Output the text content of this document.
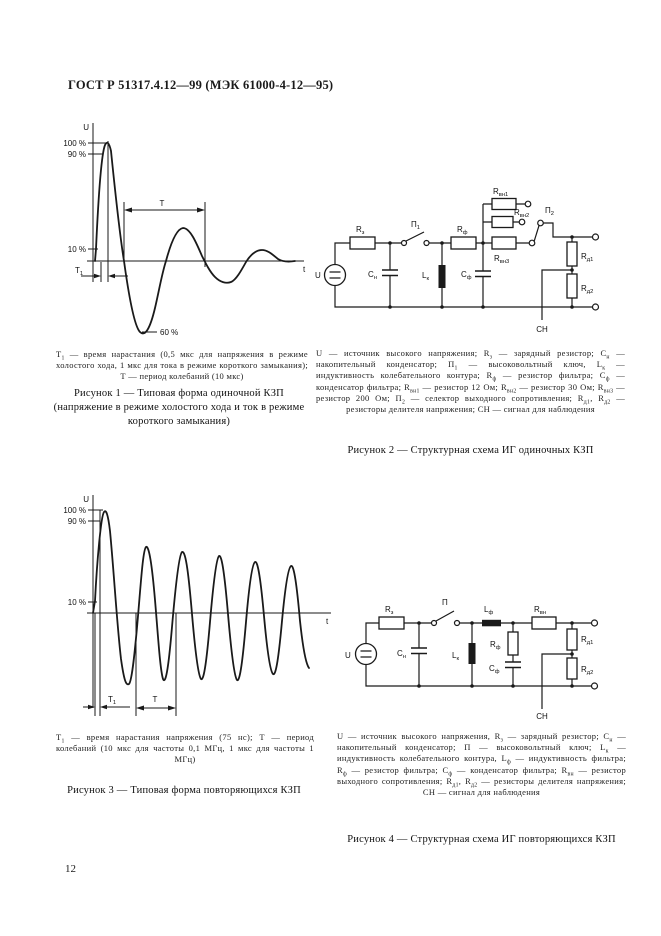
ГОСТ Р 51317.4.12—99 (МЭК 61000-4-12—95)
U
t
100 %
90 %
10 %
60 %
$T_1$
T
U
$R_з$
$C_н$
$П_1$
$L_к$
$R_ф$
$C_ф$
$R_{вн1}$
$R_{вн2}$
$R_{вн3}$
$П_2$
$R_{д1}$
$R_{д2}$
СН
$T_1$ — время нарастания (0,5 мкс для напряжения в режиме холостого хода, 1 мкс для тока в режиме короткого замыкания); Т — период колебаний (10 мкс)
Рисунок 1 — Типовая форма одиночной КЗП (напряжение в режиме холостого хода и ток в режиме короткого замыкания)
U — источник высокого напряжения; $R_з$ — зарядный резистор; $С_н$ — накопительный конденсатор; $П_1$ — высоковольтный ключ, $L_к$ — индуктивность колебательного контура; $R_ф$ — резистор фильтра; $С_ф$ — конденсатор фильтра; $R_{вн1}$ — резистор 12 Ом; $R_{вн2}$ — резистор 30 Ом; $R_{вн3}$ — резистор 200 Ом; $П_2$ — селектор выходного сопротивления; $R_{д1}$, $R_{д2}$ — резисторы делителя напряжения; СН — сигнал для наблюдения
Рисунок 2 — Структурная схема ИГ одиночных КЗП
U
t
100 %
90 %
10 %
$T_1$	T
U
$R_з$
$C_н$
П
$L_к$
$L_ф$
$R_ф$
$C_ф$
$R_{вн}$
$R_{д1}$
$R_{д2}$
СН
$T_1$ — время нарастания напряжения (75 нс); Т — период колебаний (10 мкс для частоты 0,1 МГц, 1 мкс для частоты 1 МГц)
Рисунок 3 — Типовая форма повторяющихся КЗП
U — источник высокого напряжения, $R_з$ — зарядный резистор; $С_н$ — накопительный конденсатор; П — высоковольтный ключ; $L_к$ — индуктивность колебательного контура, $L_ф$ — индуктивность фильтра; $R_ф$ — резистор фильтра; $С_ф$ — конденсатор фильтра; $R_{вн}$ — резистор выходного сопротивления; $R_{д1}$, $R_{д2}$ — резисторы делителя напряжения; СН — сигнал для наблюдения
Рисунок 4 — Структурная схема ИГ повторяющихся КЗП
12
